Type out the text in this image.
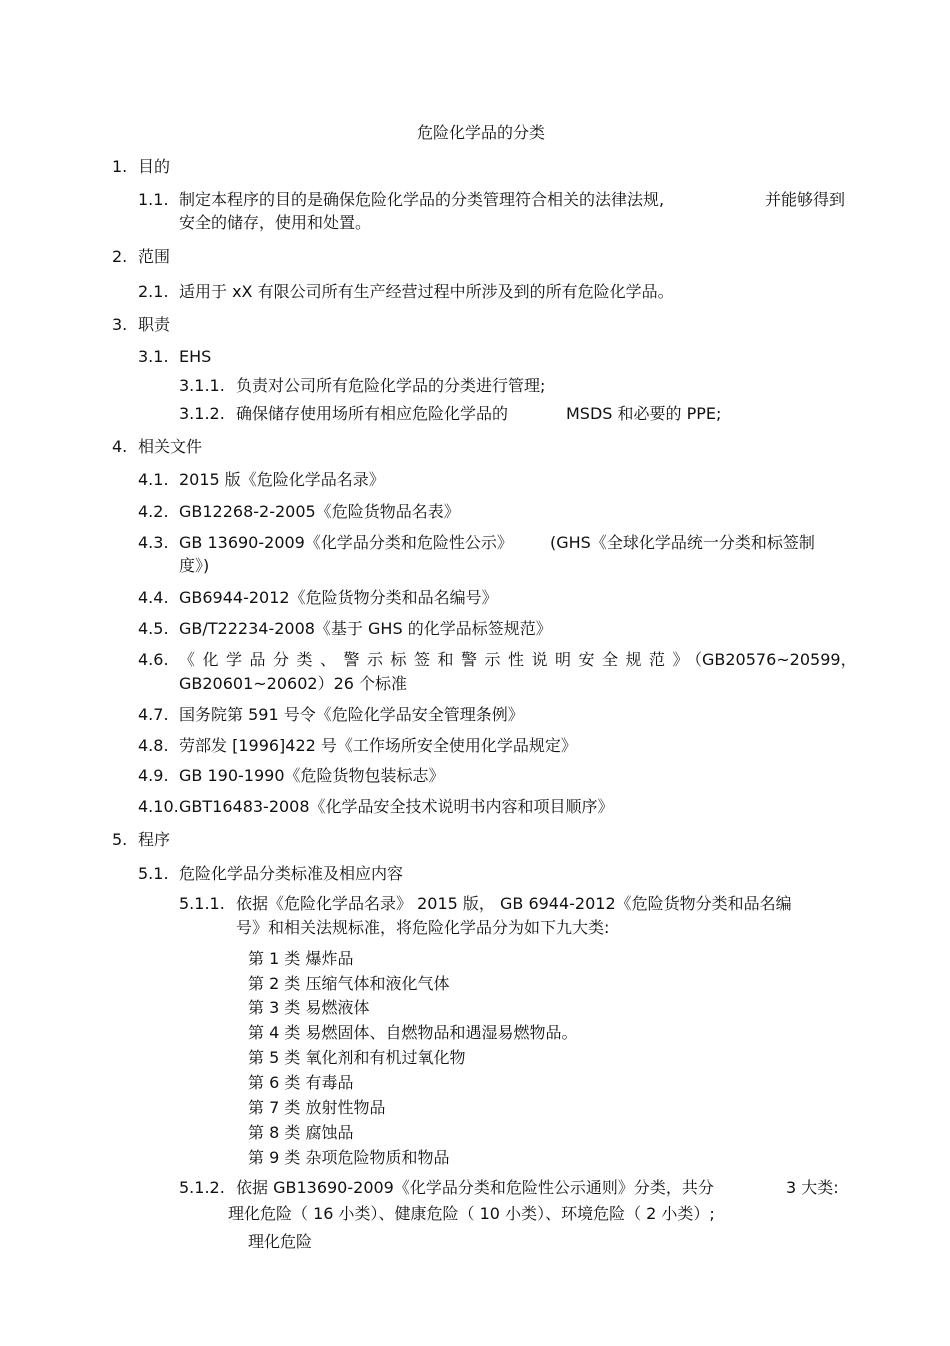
危险化学品的分类
1. 目的
1.1. 制定本程序的目的是确保危险化学品的分类管理符合相关的法律法规,	并能够得到
安全的储存，使用和处置。
2. 范围
2.1. 适用于 xX 有限公司所有生产经营过程中所涉及到的所有危险化学品。
3. 职责
3.1. EHS
3.1.1. 负责对公司所有危险化学品的分类进行管理;
3.1.2. 确保储存使用场所有相应危险化学品的	MSDS 和必要的 PPE;
4. 相关文件
4.1. 2015 版《危险化学品名录》
4.2. GB12268-2-2005《危险货物品名表》
4.3. GB 13690-2009《化学品分类和危险性公示》 (GHS《全球化学品统一分类和标签制
度》)
4.4. GB6944-2012《危险货物分类和品名编号》
4.5. GB/T22234-2008《基于 GHS 的化学品标签规范》
4.6. 《化学品分类、警示标签和警示性说明安全规范》
（GB20576~20599，
GB20601~20602）26 个标准
4.7. 国务院第 591 号令《危险化学品安全管理条例》
4.8. 劳部发 [1996]422 号《工作场所安全使用化学品规定》
4.9. GB 190-1990《危险货物包装标志》
4.10. GBT16483-2008《化学品安全技术说明书内容和项目顺序》
5. 程序
5.1. 危险化学品分类标准及相应内容
5.1.1. 依据《危险化学品名录》 2015 版， GB 6944-2012《危险货物分类和品名编
号》和相关法规标准，将危险化学品分为如下九大类:
第 1 类 爆炸品
第 2 类 压缩气体和液化气体
第 3 类 易燃液体
第 4 类 易燃固体、自燃物品和遇湿易燃物品。
第 5 类 氧化剂和有机过氧化物
第 6 类 有毒品
第 7 类 放射性物品
第 8 类 腐蚀品
第 9 类 杂项危险物质和物品
5.1.2. 依据 GB13690-2009《化学品分类和危险性公示通则》分类，共分	3 大类:
理化危险（ 16 小类）、健康危险（ 10 小类）、环境危险（ 2 小类）;
理化危险
